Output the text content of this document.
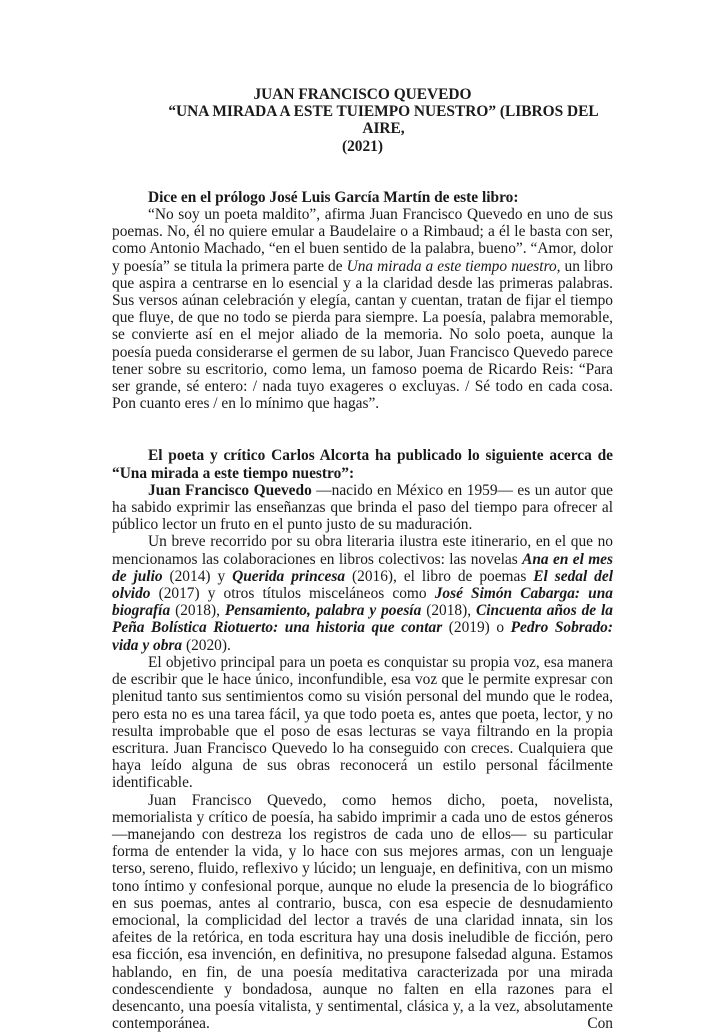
JUAN FRANCISCO QUEVEDO
“UNA MIRADA A ESTE TUIEMPO NUESTRO” (LIBROS DEL AIRE,
(2021)

Dice en el prólogo José Luis García Martín de este libro:

“No soy un poeta maldito”, afirma Juan Francisco Quevedo en uno de sus poemas. No, él no quiere emular a Baudelaire o a Rimbaud; a él le basta con ser, como Antonio Machado, “en el buen sentido de la palabra, bueno”. “Amor, dolor y poesía” se titula la primera parte de Una mirada a este tiempo nuestro, un libro que aspira a centrarse en lo esencial y a la claridad desde las primeras palabras. Sus versos aúnan celebración y elegía, cantan y cuentan, tratan de fijar el tiempo que fluye, de que no todo se pierda para siempre. La poesía, palabra memorable, se convierte así en el mejor aliado de la memoria. No solo poeta, aunque la poesía pueda considerarse el germen de su labor, Juan Francisco Quevedo parece tener sobre su escritorio, como lema, un famoso poema de Ricardo Reis: “Para ser grande, sé entero: / nada tuyo exageres o excluyas. / Sé todo en cada cosa. Pon cuanto eres / en lo mínimo que hagas”.

El poeta y crítico Carlos Alcorta ha publicado lo siguiente acerca de “Una mirada a este tiempo nuestro”:

Juan Francisco Quevedo —nacido en México en 1959— es un autor que ha sabido exprimir las enseñanzas que brinda el paso del tiempo para ofrecer al público lector un fruto en el punto justo de su maduración.

Un breve recorrido por su obra literaria ilustra este itinerario, en el que no mencionamos las colaboraciones en libros colectivos: las novelas Ana en el mes de julio (2014) y Querida princesa (2016), el libro de poemas El sedal del olvido (2017) y otros títulos misceláneos como José Simón Cabarga: una biografía (2018), Pensamiento, palabra y poesía (2018), Cincuenta años de la Peña Bolística Riotuerto: una historia que contar (2019) o Pedro Sobrado: vida y obra (2020).

El objetivo principal para un poeta es conquistar su propia voz, esa manera de escribir que le hace único, inconfundible, esa voz que le permite expresar con plenitud tanto sus sentimientos como su visión personal del mundo que le rodea, pero esta no es una tarea fácil, ya que todo poeta es, antes que poeta, lector, y no resulta improbable que el poso de esas lecturas se vaya filtrando en la propia escritura. Juan Francisco Quevedo lo ha conseguido con creces. Cualquiera que haya leído alguna de sus obras reconocerá un estilo personal fácilmente identificable.

Juan Francisco Quevedo, como hemos dicho, poeta, novelista, memorialista y crítico de poesía, ha sabido imprimir a cada uno de estos géneros —manejando con destreza los registros de cada uno de ellos— su particular forma de entender la vida, y lo hace con sus mejores armas, con un lenguaje terso, sereno, fluido, reflexivo y lúcido; un lenguaje, en definitiva, con un mismo tono íntimo y confesional porque, aunque no elude la presencia de lo biográfico en sus poemas, antes al contrario, busca, con esa especie de desnudamiento emocional, la complicidad del lector a través de una claridad innata, sin los afeites de la retórica, en toda escritura hay una dosis ineludible de ficción, pero esa ficción, esa invención, en definitiva, no presupone falsedad alguna. Estamos hablando, en fin, de una poesía meditativa caracterizada por una mirada condescendiente y bondadosa, aunque no falten en ella razones para el desencanto, una poesía vitalista, y sentimental, clásica y, a la vez, absolutamente contemporánea. Con
